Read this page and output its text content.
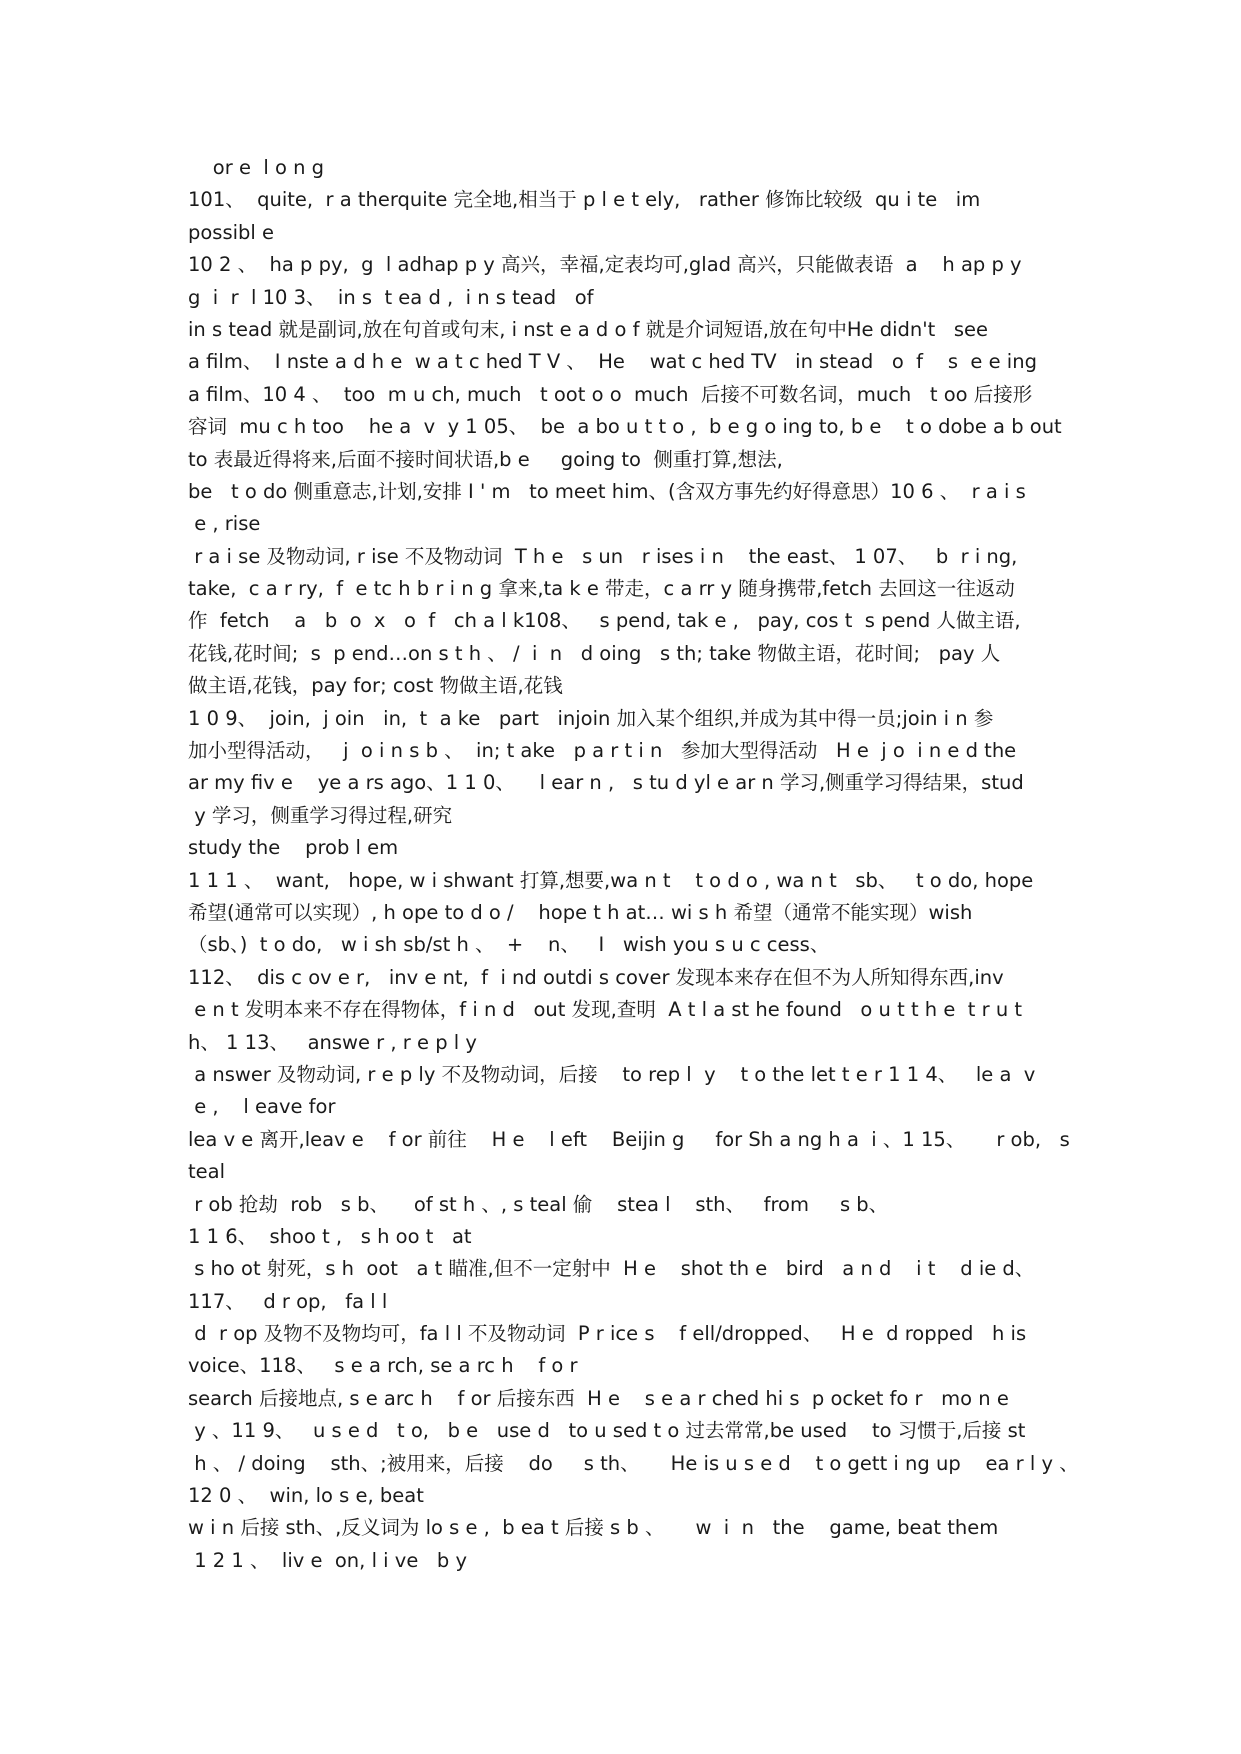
or e  l o n g
101、  quite,  r a therquite 完全地,相当于 p l e t ely,   rather 修饰比较级  qu i te   im
possibl e
10 2 、  ha p py,  g  l adhap p y 高兴，幸福,定表均可,glad 高兴，只能做表语  a    h ap p y
g  i  r  l 10 3、  in s  t ea d ,  i n s tead   of
in s tead 就是副词,放在句首或句末, i nst e a d o f 就是介词短语,放在句中He didn't   see
a film、  I nste a d h e  w a t c hed T V 、  He    wat c hed TV   in stead   o  f    s  e e ing
a film、10 4 、  too  m u ch, much   t oot o o  much  后接不可数名词，much   t oo 后接形
容词  mu c h too    he a  v  y 1 05、  be  a bo u t t o ,  b e g o ing to, b e    t o dobe a b out
to 表最近得将来,后面不接时间状语,b e     going to  侧重打算,想法,
be   t o do 侧重意志,计划,安排 I ' m   to meet him、(含双方事先约好得意思）10 6 、  r a i s
e , rise
r a i se 及物动词, r ise 不及物动词  T h e   s un   r ises i n    the east、 1 07、   b  r i ng,
take,  c a r ry,  f  e tc h b r i n g 拿来,ta k e 带走，c a rr y 随身携带,fetch 去回这一往返动
作  fetch    a   b  o  x   o  f   ch a l k108、   s pend, tak e ,   pay, cos t  s pend 人做主语,
花钱,花时间;  s  p end…on s t h 、 /  i  n   d oing   s th; take 物做主语，花时间;   pay 人
做主语,花钱，pay for; cost 物做主语,花钱
1 0 9、  join,  j oin   in,  t  a ke   part   injoin 加入某个组织,并成为其中得一员;join i n 参
加小型得活动，   j  o i n s b 、  in; t ake   p a r t i n   参加大型得活动   H e  j o  i n e d the
ar my fiv e    ye a rs ago、1 1 0、    l ear n ,   s tu d yl e ar n 学习,侧重学习得结果，stud
y 学习，侧重学习得过程,研究
study the    prob l em
1 1 1 、  want,   hope, w i shwant 打算,想要,wa n t    t o d o , wa n t   sb、   t o do, hope
希望(通常可以实现）, h ope to d o /    hope t h at… wi s h 希望（通常不能实现）wish
（sb、)  t o do,   w i sh sb/st h 、  +    n、   I   wish you s u c cess、
112、  dis c ov e r,   inv e nt,  f  i nd outdi s cover 发现本来存在但不为人所知得东西,inv
e n t 发明本来不存在得物体，f i n d   out 发现,查明  A t l a st he found   o u t t h e  t r u t
h、 1 13、   answe r , r e p l y
a nswer 及物动词, r e p ly 不及物动词，后接    to rep l  y    t o the let t e r 1 1 4、   le a  v
e ,    l eave for
lea v e 离开,leav e    f or 前往    H e    l eft    Beijin g     for Sh a ng h a  i 、1 15、     r ob,   s
teal
r ob 抢劫  rob   s b、    of st h 、, s teal 偷    stea l    sth、   from     s b、
1 1 6、  shoo t ,   s h oo t   at
s ho ot 射死，s h  oot   a t 瞄准,但不一定射中  H e    shot th e   bird   a n d    i t    d ie d、
117、   d r op,   fa l l
d  r op 及物不及物均可，fa l l 不及物动词  P r ice s    f ell/dropped、   H e  d ropped   h is
voice、118、   s e a rch, se a rc h    f o r
search 后接地点, s e arc h    f or 后接东西  H e    s e a r ched hi s  p ocket fo r   mo n e
y 、11 9、   u s e d   t o,   b e   use d   to u sed t o 过去常常,be used    to 习惯于,后接 st
h 、 / doing    sth、;被用来，后接    do     s th、     He is u s e d    t o gett i ng up    ea r l y 、
12 0 、  win, lo s e, beat
w i n 后接 sth、,反义词为 lo s e ,  b ea t 后接 s b 、     w  i  n   the    game, beat them
1 2 1 、  liv e  on, l i ve   b y
